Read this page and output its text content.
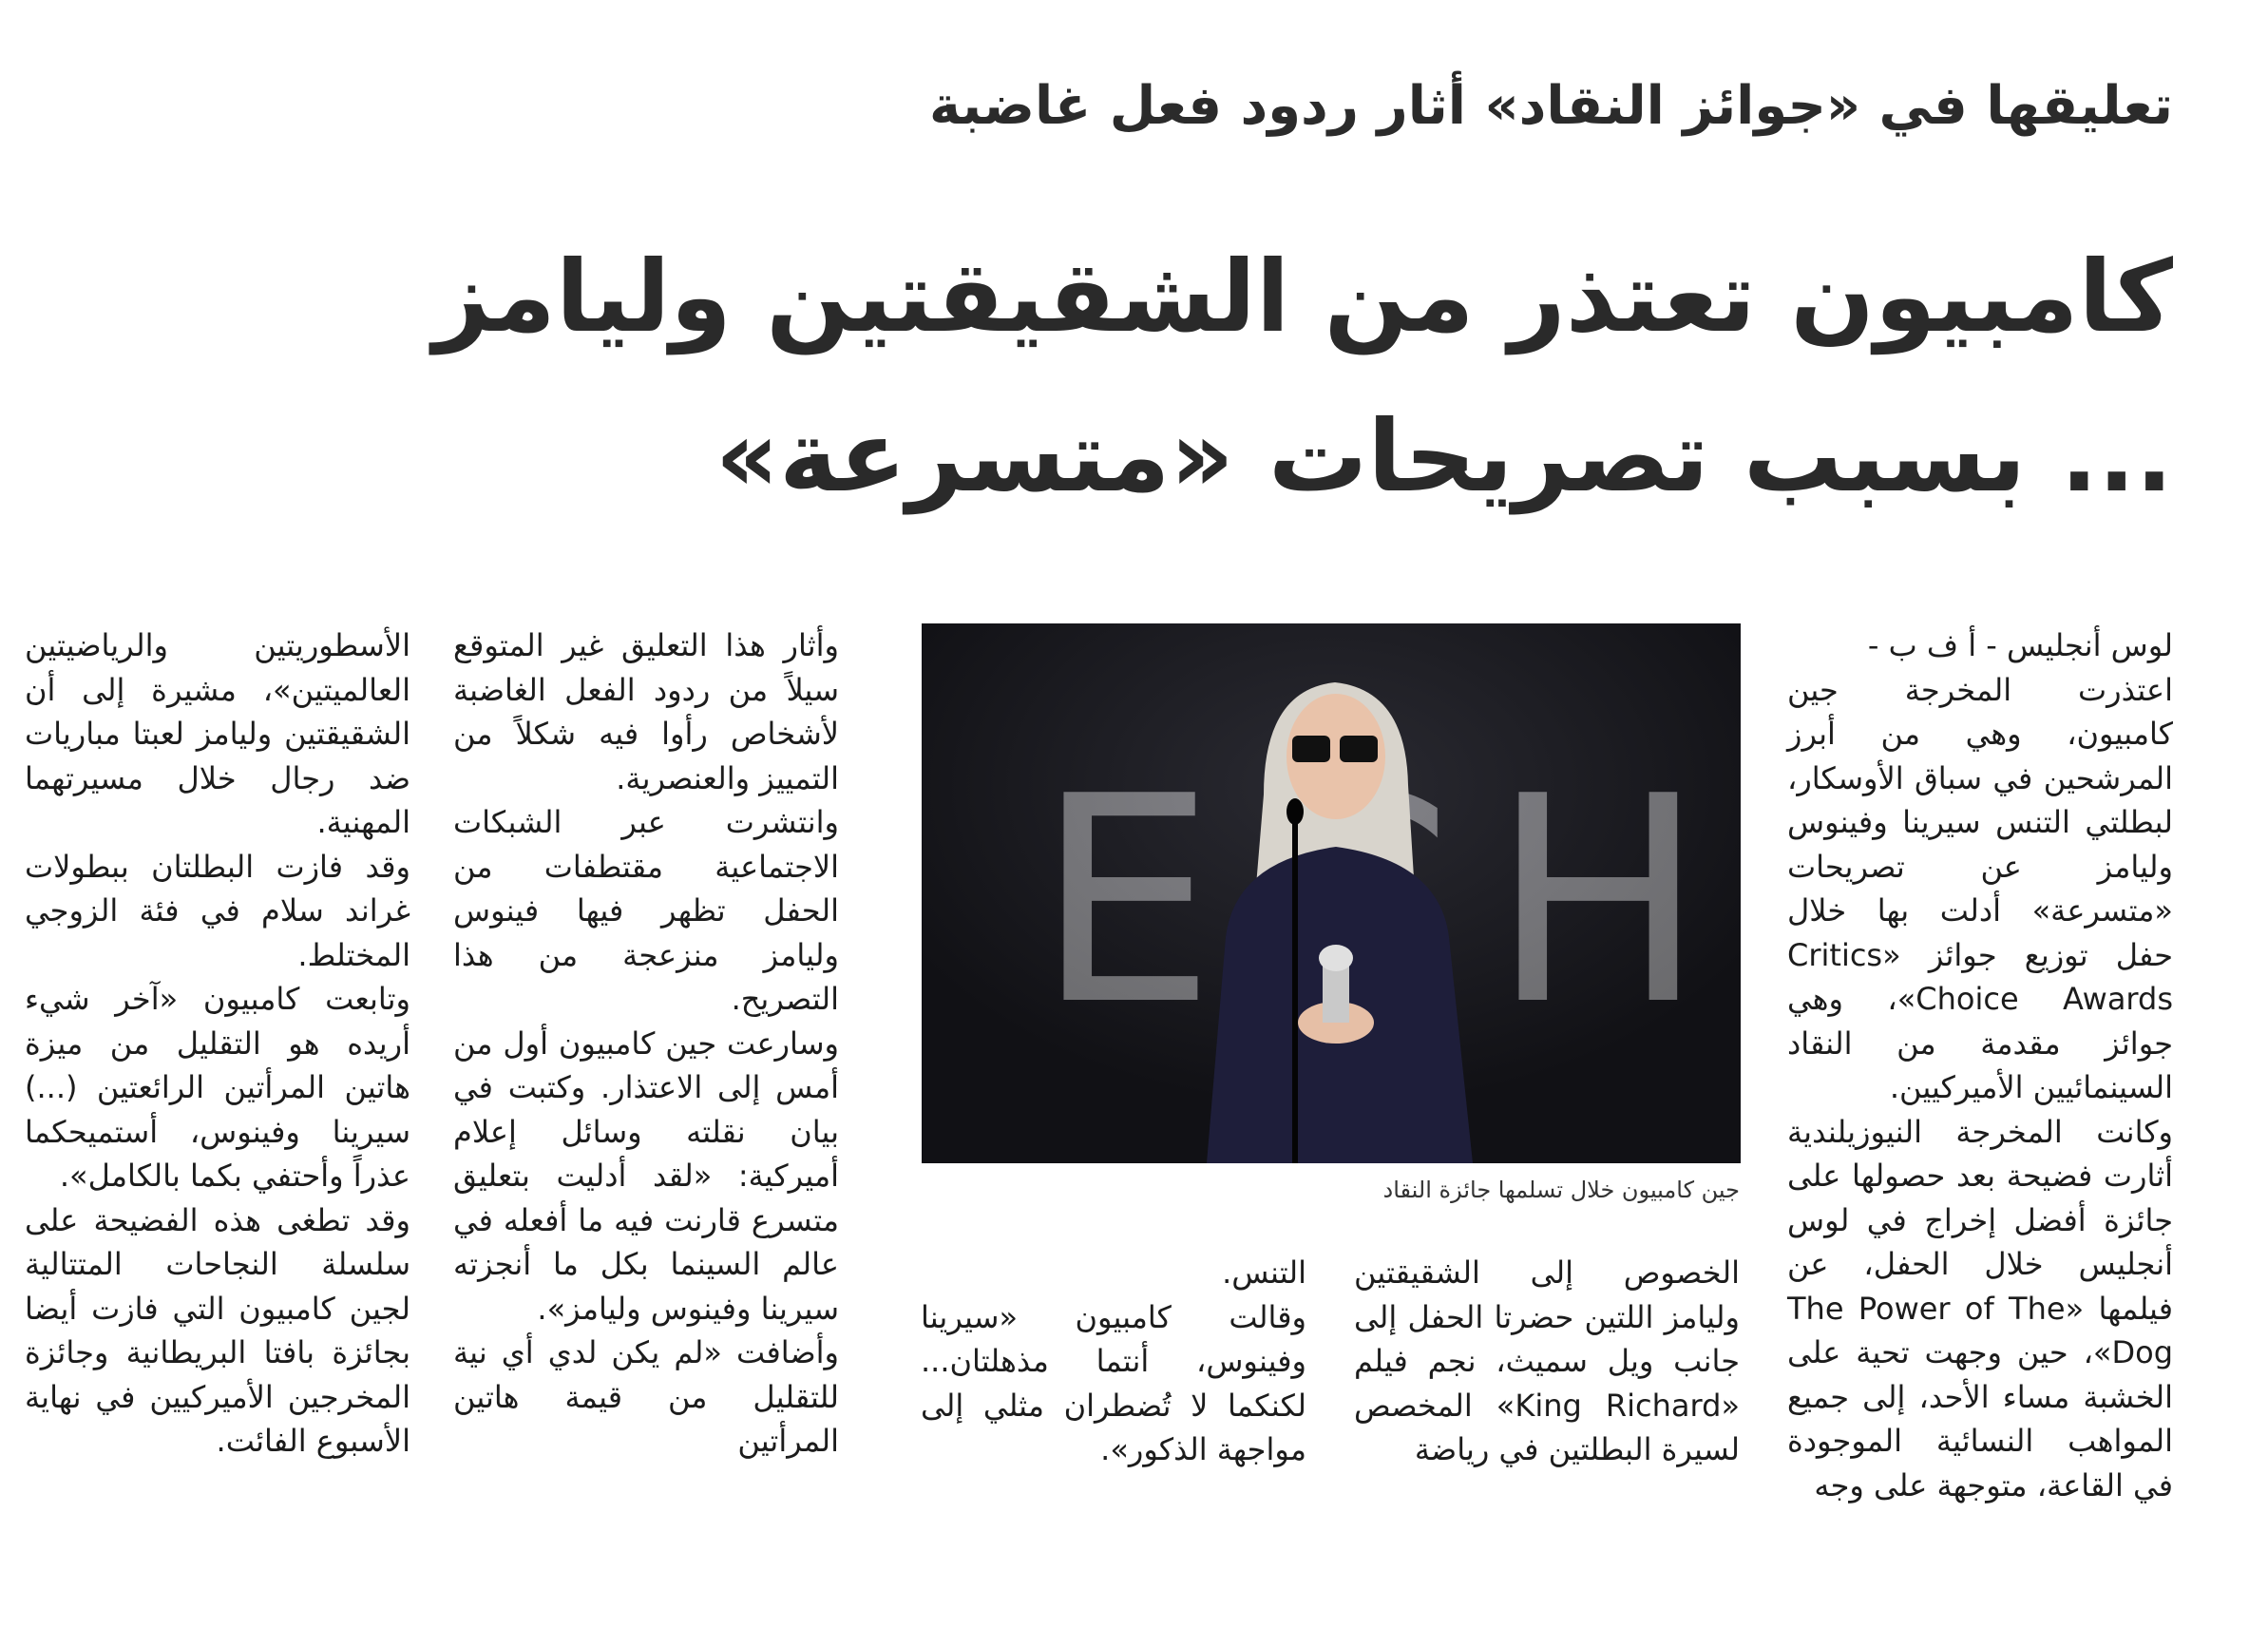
تعليقها في «جوائز النقاد» أثار ردود فعل غاضبة
كامبيون تعتذر من الشقيقتين وليامز
... بسبب تصريحات «متسرعة»

لوس أنجليس - أ ف ب -

اعتذرت المخرجة جين كامبيون، وهي من أبرز المرشحين في سباق الأوسكار، لبطلتي التنس سيرينا وفينوس وليامز عن تصريحات «متسرعة» أدلت بها خلال حفل توزيع جوائز «Critics Choice Awards»، وهي جوائز مقدمة من النقاد السينمائيين الأميركيين.

وكانت المخرجة النيوزيلندية أثارت فضيحة بعد حصولها على جائزة أفضل إخراج في لوس أنجليس خلال الحفل، عن فيلمها «The Power of The Dog»، حين وجهت تحية على الخشبة مساء الأحد، إلى جميع المواهب النسائية الموجودة في القاعة، متوجهة على وجه

جين كامبيون خلال تسلمها جائزة النقاد

الخصوص إلى الشقيقتين وليامز اللتين حضرتا الحفل إلى جانب ويل سميث، نجم فيلم «King Richard» المخصص لسيرة البطلتين في رياضة

التنس.
وقالت كامبيون «سيرينا وفينوس، أنتما مذهلتان... لكنكما لا تُضطران مثلي إلى مواجهة الذكور».

وأثار هذا التعليق غير المتوقع سيلاً من ردود الفعل الغاضبة لأشخاص رأوا فيه شكلاً من التمييز والعنصرية.

وانتشرت عبر الشبكات الاجتماعية مقتطفات من الحفل تظهر فيها فينوس وليامز منزعجة من هذا التصريح.

وسارعت جين كامبيون أول من أمس إلى الاعتذار. وكتبت في بيان نقلته وسائل إعلام أميركية: «لقد أدليت بتعليق متسرع قارنت فيه ما أفعله في عالم السينما بكل ما أنجزته سيرينا وفينوس وليامز».

وأضافت «لم يكن لدي أي نية للتقليل من قيمة هاتين المرأتين

الأسطوريتين والرياضيتين العالميتين»، مشيرة إلى أن الشقيقتين وليامز لعبتا مباريات ضد رجال خلال مسيرتهما المهنية.

وقد فازت البطلتان ببطولات غراند سلام في فئة الزوجي المختلط.

وتابعت كامبيون «آخر شيء أريده هو التقليل من ميزة هاتين المرأتين الرائعتين (...) سيرينا وفينوس، أستميحكما عذراً وأحتفي بكما بالكامل».

وقد تطغى هذه الفضيحة على سلسلة النجاحات المتتالية لجين كامبيون التي فازت أيضا بجائزة بافتا البريطانية وجائزة المخرجين الأميركيين في نهاية الأسبوع الفائت.
